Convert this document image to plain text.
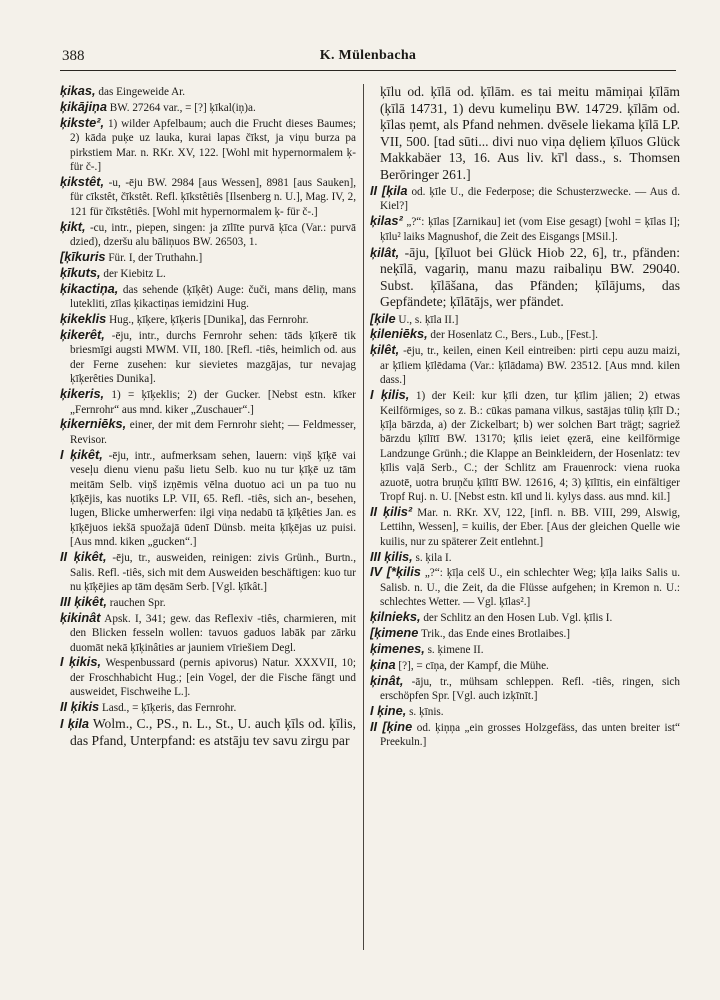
388	K. Mülenbacha

ķikas, das Eingeweide Ar.

ķikājiņa BW. 27264 var., = [?] ķīkal(iņ)a.

ķikste², 1) wilder Apfelbaum; auch die Frucht dieses Baumes; 2) kāda puķe uz lauka, kurai lapas čīkst, ja viņu burza pa pirkstiem Mar. n. RKr. XV, 122. [Wohl mit hypernormalem ķ- für č-.]

ķikstêt, -u, -ēju BW. 2984 [aus Wessen], 8981 [aus Sauken], für cīkstêt, čīkstêt. Refl. ķīkstêtiês [Ilsenberg n. U.], Mag. IV, 2, 121 für čīkstêtiês. [Wohl mit hypernormalem ķ- für č-.]

ķikt, -cu, intr., piepen, singen: ja zīlīte purvā ķīca (Var.: purvā dzied), dzeršu alu bāliņuos BW. 26503, 1.

[ķīkuris Für. I, der Truthahn.]

ķīkuts, der Kiebitz L.

ķikactiņa, das sehende (ķīķêt) Auge: čuči, mans dēliņ, mans lutekliti, zīlas ķikactiņas iemidzini Hug.

ķikeklis Hug., ķīķere, ķīķeris [Dunika], das Fernrohr.

ķikerêt, -ēju, intr., durchs Fernrohr sehen: tāds ķīķerē tik briesmīgi augsti MWM. VII, 180. [Refl. -tiês, heimlich od. aus der Ferne zusehen: kur sievietes mazgājas, tur nevajag ķīķerêties Dunika].

ķikeris, 1) = ķīķeklis; 2) der Gucker. [Nebst estn. kīker „Fernrohr“ aus mnd. kiker „Zuschauer“.]

ķikerniēks, einer, der mit dem Fernrohr sieht; — Feldmesser, Revisor.

I ķikêt, -ēju, intr., aufmerksam sehen, lauern: viņš ķīķē vai veseļu dienu vienu pašu lietu Selb. kuo nu tur ķīķē uz tām meitām Selb. viņš izņēmis vēlna duotuo aci un pa tuo nu ķīķējis, kas nuotiks LP. VII, 65. Refl. -tiês, sich an-, besehen, lugen, Blicke umherwerfen: ilgi viņa nedabū tā ķīķêties Jan. es ķīķējuos iekšā spuožajā ūdenī Dünsb. meita ķīķējas uz puisi. [Aus mnd. kiken „gucken“.]

II ķikêt, -ēju, tr., ausweiden, reinigen: zivis Grünh., Burtn., Salis. Refl. -tiês, sich mit dem Ausweiden beschäftigen: kuo tur nu ķīķējies ap tām dęsām Serb. [Vgl. ķīkât.]

III ķikêt, rauchen Spr.

ķikinât Apsk. I, 341; gew. das Reflexiv -tiês, charmieren, mit den Blicken fesseln wollen: tavuos gaduos labāk par zārku duomāt nekā ķīķinâties ar jauniem vīriešiem Degl.

I ķikis, Wespenbussard (pernis apivorus) Natur. XXXVII, 10; der Froschhabicht Hug.; [ein Vogel, der die Fische fängt und ausweidet, Fischweihe L.].

II ķikis Lasd., = ķīķeris, das Fernrohr.

I ķila Wolm., C., PS., n. L., St., U. auch ķīls od. ķīlis, das Pfand, Unterpfand: es atstāju tev savu zirgu par

ķīlu od. ķīlā od. ķīlām. es tai meitu māmiņai ķīlām (ķīlā 14731, 1) devu kumeliņu BW. 14729. ķīlām od. ķīlas ņemt, als Pfand nehmen. dvēsele liekama ķīlā LP. VII, 500. [tad sūti... divi nuo viņa dęliem ķīluos Glück Makkabäer 13, 16. Aus liv. kī'l dass., s. Thomsen Berōringer 261.]

II [ķila od. ķīle U., die Federpose; die Schusterzwecke. — Aus d. Kiel?]

ķilas² „?“: ķīlas [Zarnikau] iet (vom Eise gesagt) [wohl = ķīlas I]; ķīlu² laiks Magnushof, die Zeit des Eisgangs [MSil.].

ķilât, -āju, [ķīluot bei Glück Hiob 22, 6], tr., pfänden: neķīlā, vagariņ, manu mazu raibaliņu BW. 29040. Subst. ķīlāšana, das Pfänden; ķīlājums, das Gepfändete; ķīlātājs, wer pfändet.

[ķile U., s. ķīla II.]

ķileniēks, der Hosenlatz C., Bers., Lub., [Fest.].

ķilêt, -ēju, tr., keilen, einen Keil eintreiben: pirti cepu auzu maizi, ar ķīliem ķīlēdama (Var.: ķīlādama) BW. 23512. [Aus mnd. kilen dass.]

I ķilis, 1) der Keil: kur ķīli dzen, tur ķīlim jālien; 2) etwas Keilförmiges, so z. B.: cūkas pamana vilkus, sastājas tūliņ ķīlī D.; ķīļa bārzda, a) der Zickelbart; b) wer solchen Bart trägt; sagriež bārzdu ķīlītī BW. 13170; ķīlis ieiet ęzerā, eine keilförmige Landzunge Grünh.; die Klappe an Beinkleidern, der Hosenlatz: tev ķīlis vaļā Serb., C.; der Schlitz am Frauenrock: viena ruoka azuotē, uotra bruņču ķīlītī BW. 12616, 4; 3) ķīlītis, ein einfältiger Tropf Ruj. n. U. [Nebst estn. kīl und li. kylys dass. aus mnd. kil.]

II ķilis² Mar. n. RKr. XV, 122, [infl. n. BB. VIII, 299, Alswig, Lettihn, Wessen], = kuilis, der Eber. [Aus der gleichen Quelle wie kuilis, nur zu späterer Zeit entlehnt.]

III ķilis, s. ķila I.

IV [*ķilis „?“: ķīļa celš U., ein schlechter Weg; ķīļa laiks Salis u. Salisb. n. U., die Zeit, da die Flüsse aufgehen; in Kremon n. U.: schlechtes Wetter. — Vgl. ķīlas².]

ķilnieks, der Schlitz an den Hosen Lub. Vgl. ķīlis I.

[ķimene Trik., das Ende eines Brotlaibes.]

ķimenes, s. ķimene II.

ķina [?], = cīņa, der Kampf, die Mühe.

ķinât, -āju, tr., mühsam schleppen. Refl. -tiês, ringen, sich erschöpfen Spr. [Vgl. auch izķīnīt.]

I ķine, s. ķīnis.

II [ķine od. ķiņņa „ein grosses Holzgefäss, das unten breiter ist“ Preekuln.]
